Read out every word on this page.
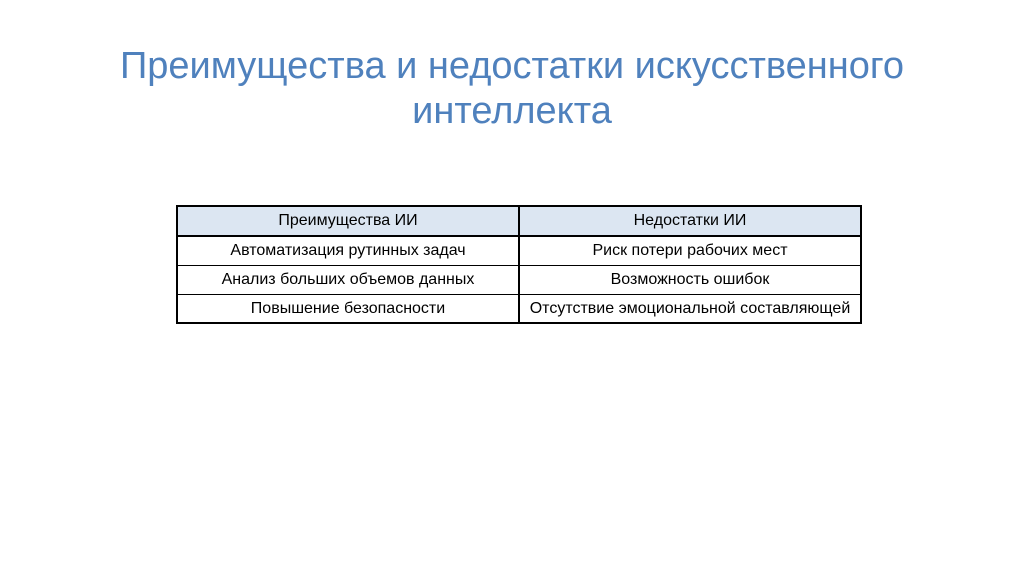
Преимущества и недостатки искусственного интеллекта
Преимущества ИИ	Недостатки ИИ
Автоматизация рутинных задач	Риск потери рабочих мест
Анализ больших объемов данных	Возможность ошибок
Повышение безопасности	Отсутствие эмоциональной составляющей
